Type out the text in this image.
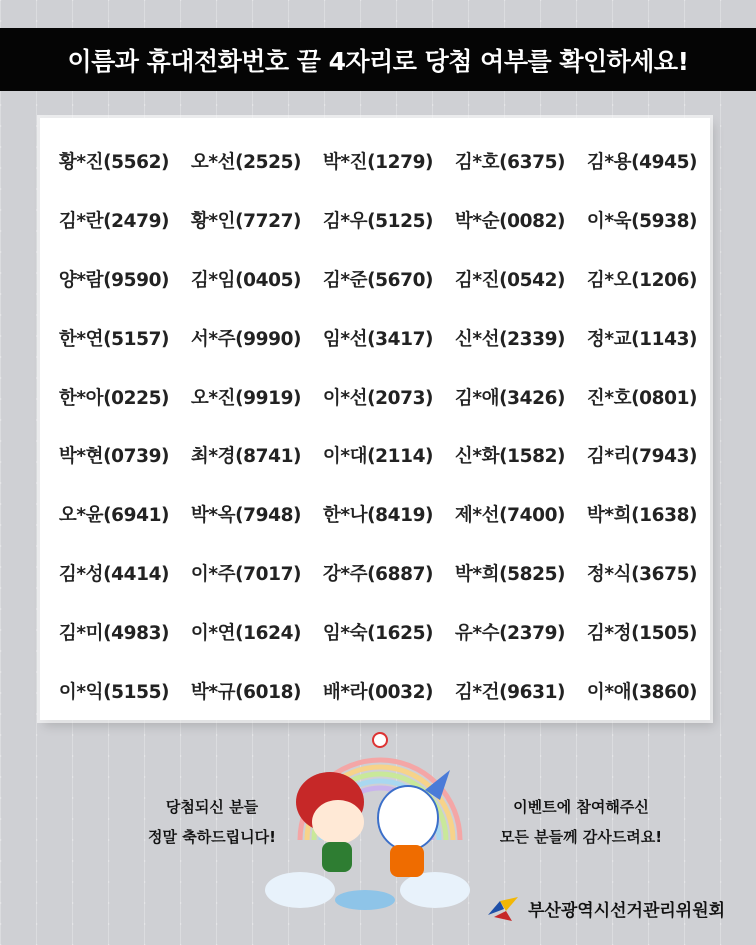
이름과 휴대전화번호 끝 4자리로 당첨 여부를 확인하세요!
황*진(5562)	오*선(2525)	박*진(1279)	김*호(6375)	김*용(4945)
김*란(2479)	황*인(7727)	김*우(5125)	박*순(0082)	이*욱(5938)
양*람(9590)	김*임(0405)	김*준(5670)	김*진(0542)	김*오(1206)
한*연(5157)	서*주(9990)	임*선(3417)	신*선(2339)	정*교(1143)
한*아(0225)	오*진(9919)	이*선(2073)	김*애(3426)	진*호(0801)
박*현(0739)	최*경(8741)	이*대(2114)	신*화(1582)	김*리(7943)
오*윤(6941)	박*옥(7948)	한*나(8419)	제*선(7400)	박*희(1638)
김*성(4414)	이*주(7017)	강*주(6887)	박*희(5825)	정*식(3675)
김*미(4983)	이*연(1624)	임*숙(1625)	유*수(2379)	김*정(1505)
이*익(5155)	박*규(6018)	배*라(0032)	김*건(9631)	이*애(3860)
당첨되신 분들
정말 축하드립니다!
이벤트에 참여해주신
모든 분들께 감사드려요!
부산광역시선거관리위원회
